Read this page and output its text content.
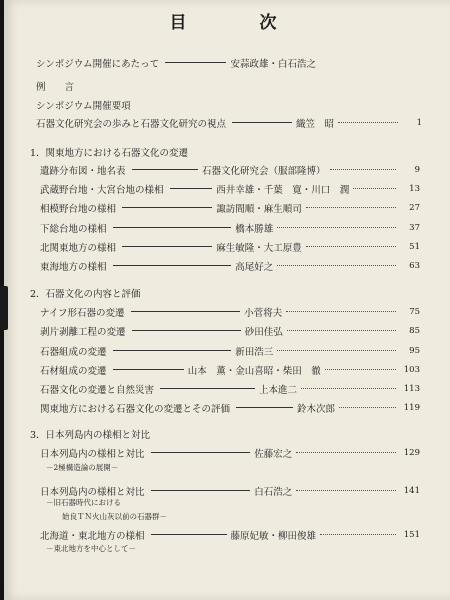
目　次
シンポジウム開催にあたって	安蒜政雄・白石浩之
例　　言
シンポジウム開催要項
石器文化研究会の歩みと石器文化研究の視点	織笠　昭	1
1．関東地方における石器文化の変遷
遺跡分布図・地名表	石器文化研究会（服部隆博）	9
武蔵野台地・大宮台地の様相	西井幸雄・千葉　寛・川口　潤	13
相模野台地の様相	諏訪間順・麻生順司	27
下総台地の様相	橋本勝雄	37
北関東地方の様相	麻生敏隆・大工原豊	51
東海地方の様相	高尾好之	63
2．石器文化の内容と評価
ナイフ形石器の変遷	小菅将夫	75
剥片剥離工程の変遷	砂田佳弘	85
石器組成の変遷	新田浩三	95
石材組成の変遷	山本　薫・金山喜昭・柴田　徹	103
石器文化の変遷と自然災害	上本進二	113
関東地方における石器文化の変遷とその評価	鈴木次郎	119
3．日本列島内の様相と対比
日本列島内の様相と対比	佐藤宏之	129
－2極構造論の展開－
日本列島内の様相と対比	白石浩之	141
－旧石器時代における
始良ＴＮ火山灰以前の石器群－
北海道・東北地方の様相	藤原妃敏・柳田俊雄	151
－東北地方を中心として－
